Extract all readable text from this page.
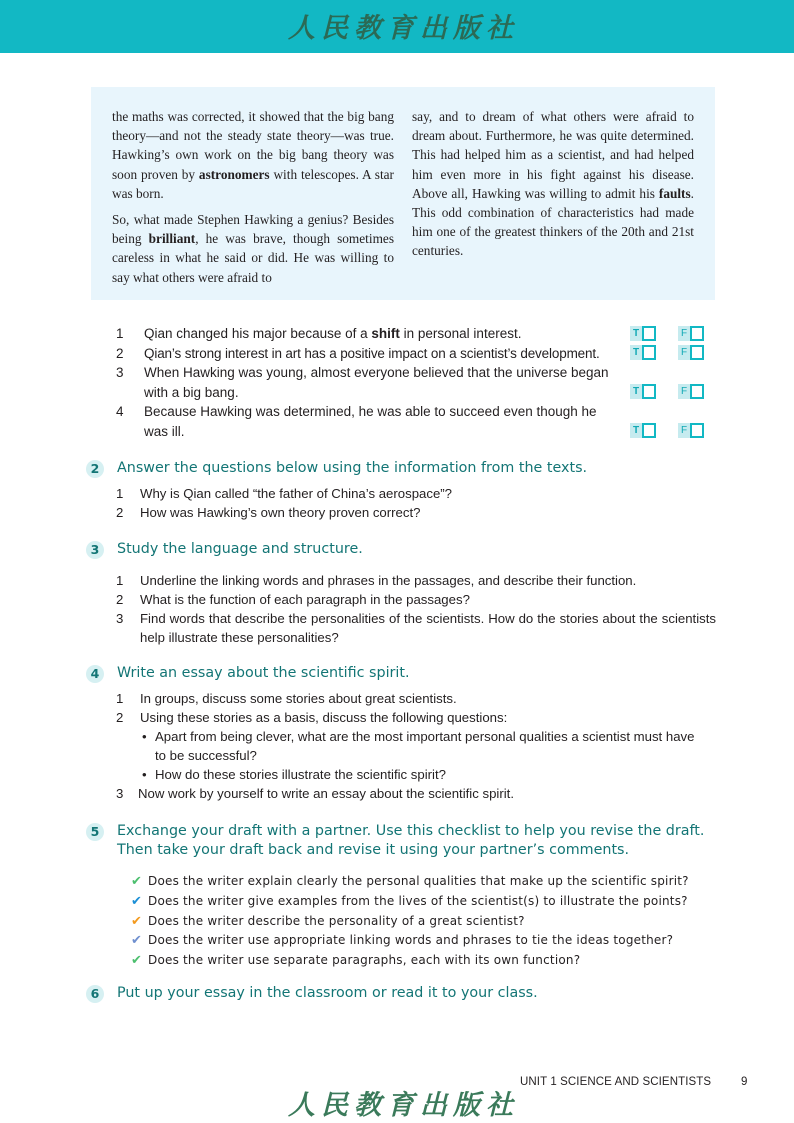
人民教育出版社

the maths was corrected, it showed that the big bang theory—and not the steady state theory—was true. Hawking’s own work on the big bang theory was soon proven by astronomers with telescopes. A star was born.

So, what made Stephen Hawking a genius? Besides being brilliant, he was brave, though sometimes careless in what he said or did. He was willing to say what others were afraid to

say, and to dream of what others were afraid to dream about. Furthermore, he was quite determined. This had helped him as a scientist, and had helped him even more in his fight against his disease. Above all, Hawking was willing to admit his faults. This odd combination of characteristics had made him one of the greatest thinkers of the 20th and 21st centuries.

1	Qian changed his major because of a shift in personal interest.	T	F
2	Qian’s strong interest in art has a positive impact on a scientist’s development.	T	F
3	When Hawking was young, almost everyone believed that the universe began with a big bang.	T	F
4	Because Hawking was determined, he was able to succeed even though he was ill.	T	F
2	Answer the questions below using the information from the texts.
1 Why is Qian called “the father of China’s aerospace”?
2 How was Hawking’s own theory proven correct?
3	Study the language and structure.
1 Underline the linking words and phrases in the passages, and describe their function.
2 What is the function of each paragraph in the passages?
3 Find words that describe the personalities of the scientists. How do the stories about the scientists help illustrate these personalities?
4	Write an essay about the scientific spirit.
1 In groups, discuss some stories about great scientists.
2 Using these stories as a basis, discuss the following questions:
• Apart from being clever, what are the most important personal qualities a scientist must have to be successful?
• How do these stories illustrate the scientific spirit?
3 Now work by yourself to write an essay about the scientific spirit.
5	Exchange your draft with a partner. Use this checklist to help you revise the draft. Then take your draft back and revise it using your partner’s comments.
✔ Does the writer explain clearly the personal qualities that make up the scientific spirit?
✔ Does the writer give examples from the lives of the scientist(s) to illustrate the points?
✔ Does the writer describe the personality of a great scientist?
✔ Does the writer use appropriate linking words and phrases to tie the ideas together?
✔ Does the writer use separate paragraphs, each with its own function?
6	Put up your essay in the classroom or read it to your class.
UNIT 1 SCIENCE AND SCIENTISTS	9
人民教育出版社
